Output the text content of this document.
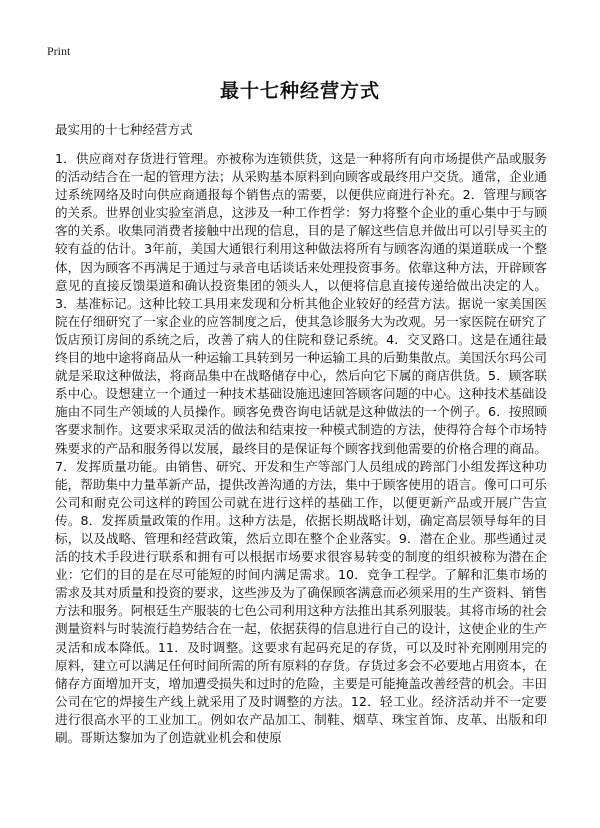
Print
最十七种经营方式

最实用的十七种经营方式

1．供应商对存货进行管理。亦被称为连锁供货，这是一种将所有向市场提供产品或服务的活动结合在一起的管理方法；从采购基本原料到向顾客或最终用户交货。通常，企业通过系统网络及时向供应商通报每个销售点的需要，以便供应商进行补充。2．管理与顾客的关系。世界创业实验室消息，这涉及一种工作哲学：努力将整个企业的重心集中于与顾客的关系。收集同消费者接触中出现的信息，目的是了解这些信息并做出可以引导买主的较有益的估计。3年前，美国大通银行利用这种做法将所有与顾客沟通的渠道联成一个整体，因为顾客不再满足于通过与录音电话谈话来处理投资事务。依靠这种方法，开辟顾客意见的直接反馈渠道和确认投资集团的领头人，以便将信息直接传递给做出决定的人。3．基准标记。这种比较工具用来发现和分析其他企业较好的经营方法。据说一家美国医院在仔细研究了一家企业的应答制度之后，使其急诊服务大为改观。另一家医院在研究了饭店预订房间的系统之后，改善了病人的住院和登记系统。4．交叉路口。这是在通往最终目的地中途将商品从一种运输工具转到另一种运输工具的后勤集散点。美国沃尔玛公司就是采取这种做法，将商品集中在战略储存中心，然后向它下属的商店供货。5．顾客联系中心。设想建立一个通过一种技术基础设施迅速回答顾客问题的中心。这种技术基础设施由不同生产领域的人员操作。顾客免费咨询电话就是这种做法的一个例子。6．按照顾客要求制作。这要求采取灵活的做法和结束按一种模式制造的方法，使得符合每个市场特殊要求的产品和服务得以发展，最终目的是保证每个顾客找到他需要的价格合理的商品。7．发挥质量功能。由销售、研究、开发和生产等部门人员组成的跨部门小组发挥这种功能，帮助集中力量革新产品，提供改善沟通的方法，集中于顾客使用的语言。像可口可乐公司和耐克公司这样的跨国公司就在进行这样的基础工作，以便更新产品或开展广告宣传。8．发挥质量政策的作用。这种方法是，依据长期战略计划，确定高层领导每年的目标，以及战略、管理和经营政策，然后立即在整个企业落实。9．潜在企业。那些通过灵活的技术手段进行联系和拥有可以根据市场要求很容易转变的制度的组织被称为潜在企业：它们的目的是在尽可能短的时间内满足需求。10．竞争工程学。了解和汇集市场的需求及其对质量和投资的要求，这些涉及为了确保顾客满意而必须采用的生产资料、销售方法和服务。阿根廷生产服装的七色公司利用这种方法推出其系列服装。其将市场的社会测量资料与时装流行趋势结合在一起，依据获得的信息进行自己的设计，这使企业的生产灵活和成本降低。11．及时调整。这要求有起码充足的存货，可以及时补充刚刚用完的原料，建立可以满足任何时间所需的所有原料的存货。存货过多会不必要地占用资本，在储存方面增加开支，增加遭受损失和过时的危险，主要是可能掩盖改善经营的机会。丰田公司在它的焊接生产线上就采用了及时调整的方法。12．轻工业。经济活动并不一定要进行很高水平的工业加工。例如农产品加工、制鞋、烟草、珠宝首饰、皮革、出版和印刷。哥斯达黎加为了创造就业机会和使原
